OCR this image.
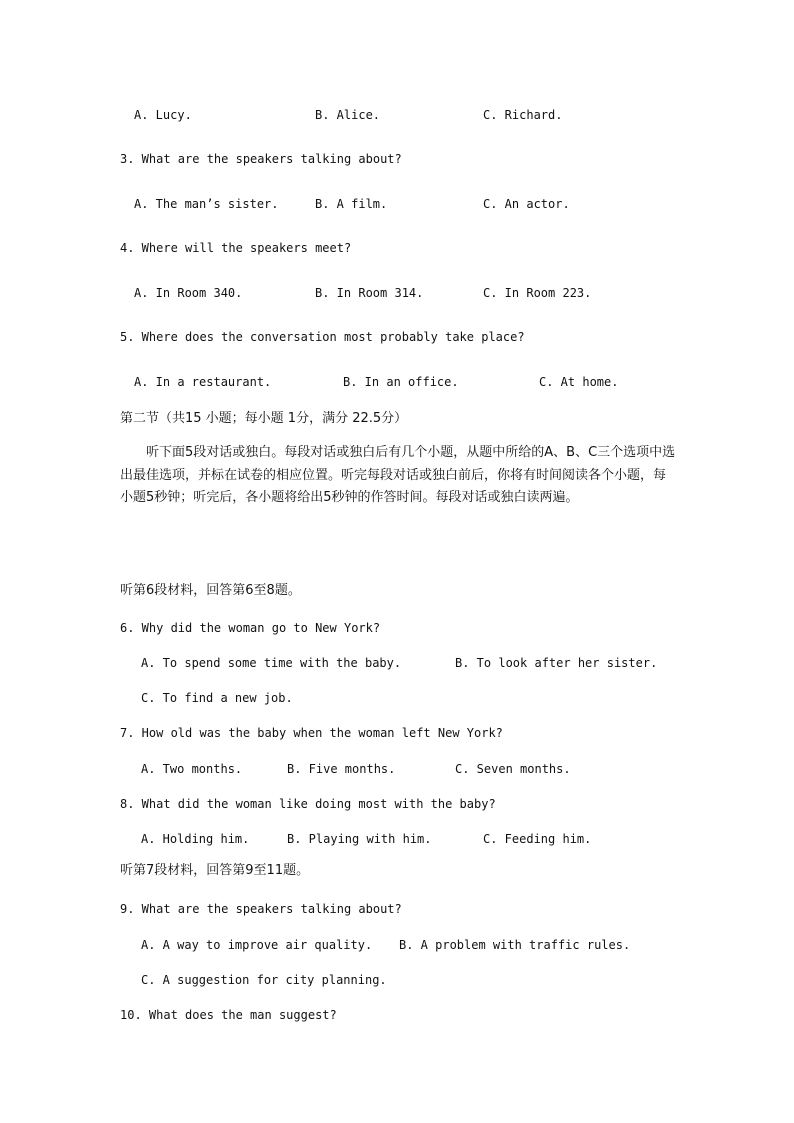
A. Lucy.	B. Alice.	C. Richard.
3. What are the speakers talking about?
A. The man’s sister.	B. A film.	C. An actor.
4. Where will the speakers meet?
A. In Room 340.	B. In Room 314.	C. In Room 223.
5. Where does the conversation most probably take place?
A. In a restaurant.	B. In an office.	C. At home.
第二节（共15 小题；每小题 1分，满分 22.5分）
听下面5段对话或独白。每段对话或独白后有几个小题，从题中所给的A、B、C三个选项中选出最佳选项，并标在试卷的相应位置。听完每段对话或独白前后，你将有时间阅读各个小题，每小题5秒钟；听完后，各小题将给出5秒钟的作答时间。每段对话或独白读两遍。
听第6段材料，回答第6至8题。
6. Why did the woman go to New York?
A. To spend some time with the baby.	B. To look after her sister.
C. To find a new job.
7. How old was the baby when the woman left New York?
A. Two months.	B. Five months.	C. Seven months.
8. What did the woman like doing most with the baby?
A. Holding him.	B. Playing with him.	C. Feeding him.
听第7段材料，回答第9至11题。
9. What are the speakers talking about?
A. A way to improve air quality. B. A problem with traffic rules.
C. A suggestion for city planning.
10. What does the man suggest?
